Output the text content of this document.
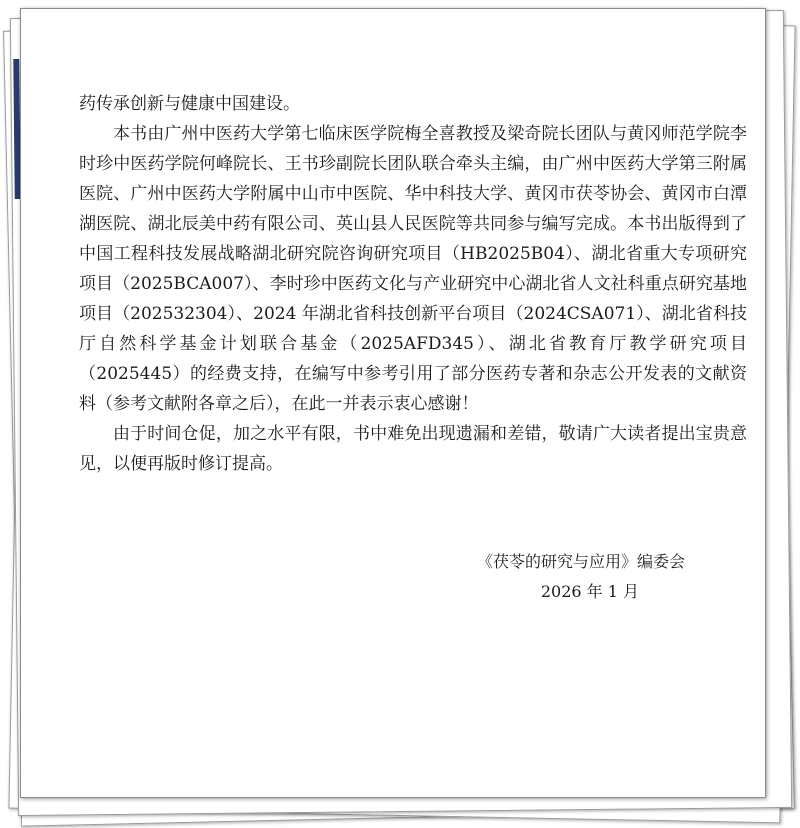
药传承创新与健康中国建设。

本书由广州中医药大学第七临床医学院梅全喜教授及梁奇院长团队与黄冈师范学院李时珍中医药学院何峰院长、王书珍副院长团队联合牵头主编，由广州中医药大学第三附属医院、广州中医药大学附属中山市中医院、华中科技大学、黄冈市茯苓协会、黄冈市白潭湖医院、湖北辰美中药有限公司、英山县人民医院等共同参与编写完成。本书出版得到了中国工程科技发展战略湖北研究院咨询研究项目（HB2025B04）、湖北省重大专项研究项目（2025BCA007）、李时珍中医药文化与产业研究中心湖北省人文社科重点研究基地项目（202532304）、2024 年湖北省科技创新平台项目（2024CSA071）、湖北省科技厅自然科学基金计划联合基金（2025AFD345）、湖北省教育厅教学研究项目（2025445）的经费支持，在编写中参考引用了部分医药专著和杂志公开发表的文献资料（参考文献附各章之后），在此一并表示衷心感谢！

由于时间仓促，加之水平有限，书中难免出现遗漏和差错，敬请广大读者提出宝贵意见，以便再版时修订提高。

《茯苓的研究与应用》编委会

2026 年 1 月
